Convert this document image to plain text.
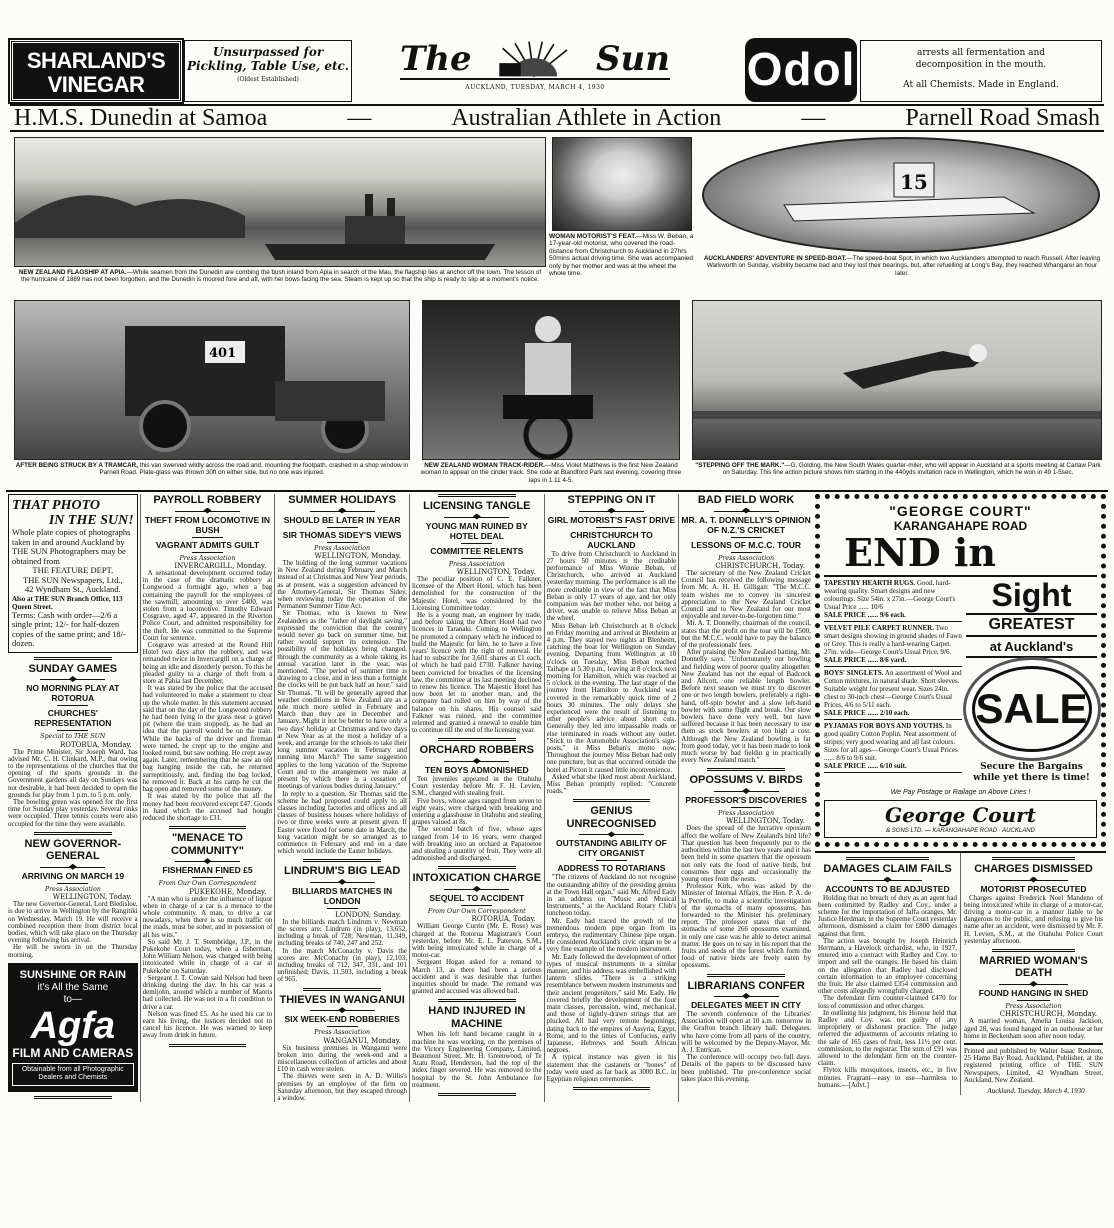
SHARLAND'S VINEGAR
Unsurpassed for Pickling, Table Use, etc.
(Oldest Established)
The	Sun
AUCKLAND, TUESDAY, MARCH 4, 1930	Odol	arrests all fermentation and decomposition in the mouth.
At all Chemists. Made in England.
H.M.S. Dunedin at Samoa	—	Australian Athlete in Action	—	Parnell Road Smash
NEW ZEALAND FLAGSHIP AT APIA.—While seamen from the Dunedin are combing the bush inland from Apia in search of the Mau, the flagship lies at anchor off the town. The lesson of the hurricane of 1889 has not been forgotten, and the Dunedin is moored fore and aft, with her bows facing the sea. Steam is kept up so that the ship is ready to slip at a moment's notice.
WOMAN MOTORIST'S FEAT.—Miss W. Beban, a 17-year-old motorist, who covered the road-distance from Christchurch to Auckland in 27hrs 50mins actual driving time. She was accompanied only by her mother and was at the wheel the whole time.
15
AUCKLANDERS' ADVENTURE IN SPEED-BOAT.—The speed-boat Spot, in which two Aucklanders attempted to reach Russell. After leaving Warkworth on Sunday, visibility became bad and they lost their bearings, but, after refuelling at Long's Bay, they reached Whangarei an hour later.
401
AFTER BEING STRUCK BY A TRAMCAR, this van swerved wildly across the road and, mounting the footpath, crashed in a shop window in Parnell Road. Plate-glass was thrown 30ft on either side, but no one was injured.
NEW ZEALAND WOMAN TRACK-RIDER.—Miss Violet Matthews is the first New Zealand woman to appear on the cinder track. She rode at Blandford Park last evening, covering three laps in 1.11 4-5.
"STEPPING OFF THE MARK."—G. Golding, the New South Wales quarter-miler, who will appear in Auckland at a sports meeting at Carlaw Park on Saturday. This fine action picture shows him starting in the 440yds invitation race in Wellington, which he won in 49 1-5sec.
THAT PHOTO
IN THE SUN!
Whole plate copies of photographs taken in and around Auckland by THE SUN Photographers may be obtained from
THE FEATURE DEPT.
THE SUN Newspapers, Ltd.,
42 Wyndham St., Auckland.
Also at THE SUN Branch Office, 113 Queen Street.
Terms: Cash with order—2/6 a single print; 12/- for half-dozen copies of the same print; and 18/- dozen.
SUNDAY GAMES
NO MORNING PLAY AT ROTORUA
CHURCHES' REPRESENTATION
Special to THE SUN
ROTORUA, Monday.
The Prime Minister, Sir Joseph Ward, has advised Mr. C. H. Clinkard, M.P., that owing to the representations of the churches that the opening of the sports grounds in the Government gardens all day on Sundays was not desirable, it had been decided to open the grounds for play from 1 p.m. to 5 p.m. only.
The bowling green was opened for the first time for Sunday play yesterday. Several rinks were occupied. Three tennis courts were also occupied for the time they were available.
NEW GOVERNOR-GENERAL
ARRIVING ON MARCH 19
Press Association
WELLINGTON, Today.
The new Governor-General, Lord Bledisloe, is due to arrive in Wellington by the Rangitiki on Wednesday, March 19. He will receive a combined reception there from district local bodies, which will take place on the Thursday evening following his arrival.
He will be sworn in on the Thursday morning.
SUNSHINE OR RAIN
it's All the Same
to—
Agfa
FILM AND CAMERAS
Obtainable from all Photographic Dealers and Chemists
PAYROLL ROBBERY
THEFT FROM LOCOMOTIVE IN BUSH
VAGRANT ADMITS GUILT
Press Association
INVERCARGILL, Monday.
A sensational development occurred today in the case of the dramatic robbery at Longwood a fortnight ago, when a bag containing the payroll for the employees of the sawmill, amounting to over £400, was stolen from a locomotive. Timothy Edward Cosgrave, aged 47, appeared in the Riverton Police Court, and admitted responsibility for the theft. He was committed to the Supreme Court for sentence.
Cosgrave was arrested at the Round Hill Hotel two days after the robbery, and was remanded twice in Invercargill on a charge of being an idle and disorderly person. To this he pleaded guilty to a charge of theft from a store at Pahia last December.
It was stated by the police that the accused had volunteered to make a statement to clear up the whole matter. In this statement accused said that on the day of the Longwood robbery he had been lying in the grass near a gravel pit (where the train stopped), as he had an idea that the payroll would be on the train. While the backs of the driver and fireman were turned, he crept up to the engine and looked round, but saw nothing. He crept away again. Later, remembering that he saw an old bag hanging inside the cab, he returned surreptitiously, and, finding the bag locked, he removed it. Back at his camp he cut the bag open and removed some of the money.
It was stated by the police that all the money had been recovered except £47. Goods in hand which the accused had bought reduced the shortage to £31.
"MENACE TO COMMUNITY"
FISHERMAN FINED £5
From Our Own Correspondent
PUKEKOHE, Monday.
"A man who is under the influence of liquor when in charge of a car is a menace to the whole community. A man, to drive a car nowadays, when there is so much traffic on the roads, must be sober, and in possession of all his wits."
So said Mr. J. T. Stembridge, J.P., in the Pukekohe Court today, when a fisherman, John William Nelson, was charged with being intoxicated while in charge of a car at Pukekohe on Saturday.
Sergeant J. T. Cowan said Nelson had been drinking during the day. In his car was a demijohn, around which a number of Maoris had collected. He was not in a fit condition to drive a car.
Nelson was fined £5. As he used his car to earn his living, the justices decided not to cancel his licence. He was warned to keep away from drink in future.
SUMMER HOLIDAYS
SHOULD BE LATER IN YEAR
SIR THOMAS SIDEY'S VIEWS
Press Association
WELLINGTON, Monday.
The holding of the long summer vacations in New Zealand during February and March instead of at Christmas and New Year periods, as at present, was a suggestion advanced by the Attorney-General, Sir Thomas Sidey, when reviewing today the operation of the Permanent Summer Time Act.
Sir Thomas, who is known to New Zealanders as the "father of daylight saving," expressed the conviction that the country would never go back on summer time, but rather would support its extension. The possibility of the holidays being changed, through the community as a whole taking its annual vacation later in the year, was mentioned. "The period of summer time is drawing to a close, and in less than a fortnight the clocks will be put back half an hour," said Sir Thomas. "It will be generally agreed that weather conditions in New Zealand are as a rule much more settled in February and March than they are in December and January. Might it not be better to have only a two days' holiday at Christmas and two days at New Year as at the most a holiday of a week, and arrange for the schools to take their long summer vacation in February and running into March? The same suggestion applies to the long vacation of the Supreme Court and to the arrangement we make at present by which there is a cessation of meetings of various bodies during January."
In reply to a question, Sir Thomas said the scheme he had proposed could apply to all classes including factories and offices and all classes of business houses where holidays of two or three weeks were at present given. If Easter were fixed for some date in March, the long vacation might be so arranged as to commence in February and end on a date which would include the Easter holidays.
LINDRUM'S BIG LEAD
BILLIARDS MATCHES IN LONDON
LONDON, Sunday.
In the billiards match Lindrum v. Newman the scores are: Lindrum (in play), 13,652, including a break of 728; Newman, 11,349, including breaks of 740, 247 and 252.
In the match McConachy v. Davis the scores are: McConachy (in play), 12,103, including breaks of 712, 347, 331, and 101 unfinished; Davis, 11,503, including a break of 965.
THIEVES IN WANGANUI
SIX WEEK-END ROBBERIES
Press Association
WANGANUI, Monday.
Six business premises in Wanganui were broken into during the week-end and a miscellaneous collection of articles and about £10 in cash were stolen.
The thieves were seen in A. D. Willis's premises by an employee of the firm on Saturday afternoon, but they escaped through a window.
LICENSING TANGLE
YOUNG MAN RUINED BY HOTEL DEAL
COMMITTEE RELENTS
Press Association
WELLINGTON, Today.
The peculiar position of C. E. Falkner, licensee of the Albert Hotel, which has been demolished for the construction of the Majestic Hotel, was considered by the Licensing Committee today.
He is a young man, an engineer by trade, and before taking the Albert Hotel had two licences in Taranaki. Coming to Wellington he promoted a company which he induced to build the Majestic for him, he to have a five years' licence with the right of renewal. He had to subscribe for 3,601 shares at £1 each, of which he had paid £730. Falkner having been convicted for breaches of the licensing law, the committee at its last meeting declined to renew his licence. The Majestic Hotel has now been let to another man, and the company had rolled on him by way of the balance on his shares. His counsel said Falkner was ruined, and the committee relented and granted a renewal to enable him to continue till the end of the licensing year.
ORCHARD ROBBERS
TEN BOYS ADMONISHED
Ten juveniles appeared in the Otahuhu Court yesterday before Mr. F. H. Levien, S.M., charged with stealing fruit.
Five boys, whose ages ranged from seven to eight years, were charged with breaking and entering a glasshouse in Otahuhu and stealing grapes valued at 8s.
The second batch of five, whose ages ranged from 14 to 16 years, were charged with breaking into an orchard at Papatoetoe and stealing a quantity of fruit. They were all admonished and discharged.
INTOXICATION CHARGE
SEQUEL TO ACCIDENT
From Our Own Correspondent
ROTORUA, Today.
William George Currin (Mr. E. Rose) was charged at the Rotorua Magistrate's Court yesterday, before Mr. E. L. Paterson, S.M., with being intoxicated while in charge of a motor-car.
Sergeant Hogan asked for a remand to March 13, as there had been a serious accident and it was desirable that further inquiries should be made. The remand was granted and accused was allowed bail.
HAND INJURED IN MACHINE
When his left hand became caught in a machine he was working, on the premises of the Victory Engineering Company, Limited, Beaumont Street, Mr. H. Greenwood, of Te Atatu Road, Henderson, had the top of the index finger severed. He was removed to the hospital by the St. John Ambulance for treatment.
STEPPING ON IT
GIRL MOTORIST'S FAST DRIVE
CHRISTCHURCH TO AUCKLAND
To drive from Christchurch to Auckland in 27 hours 50 minutes is the creditable performance of Miss Winnie Beban, of Christchurch, who arrived at Auckland yesterday morning. The performance is all the more creditable in view of the fact that Miss Beban is only 17 years of age, and her only companion was her mother who, not being a driver, was unable to relieve Miss Beban at the wheel.
Miss Beban left Christchurch at 8 o'clock on Friday morning and arrived at Blenheim at 4 p.m. They stayed two nights at Blenheim, catching the boat for Wellington on Sunday evening. Departing from Wellington at 10 o'clock on Tuesday, Miss Beban reached Taihape at 5.30 p.m., leaving at 8 o'clock next morning for Hamilton, which was reached at 5 o'clock in the evening. The last stage of the journey from Hamilton to Auckland was covered in the remarkably quick time of 2 hours 30 minutes. The only delays she experienced were the result of listening to other people's advice about short cuts. Generally they led into impassable roads or else terminated in roads without any outlet. "Stick to the Automobile Association's sign-posts," is Miss Beban's motto now. Throughout the journey Miss Beban had only one puncture, but as that occurred outside the hotel at Picton it caused little inconvenience.
Asked what she liked most about Auckland, Miss Beban promptly replied: "Concrete roads."
GENIUS UNRECOGNISED
OUTSTANDING ABILITY OF CITY ORGANIST
ADDRESS TO ROTARIANS
"The citizens of Auckland do not recognise the outstanding ability of the presiding genius at the Town Hall organ," said Mr. Alfred Eady in an address on "Music and Musical Instruments," at the Auckland Rotary Club's luncheon today.
Mr. Eady had traced the growth of the tremendous modern pipe organ from its embryo, the rudimentary Chinese pipe organ. He considered Auckland's civic organ to be a very fine example of the modern instrument.
Mr. Eady followed the development of other types of musical instruments in a similar manner, and his address was embellished with lantern slides. "There is a striking resemblance between modern instruments and their ancient progenitors," said Mr. Eady. He covered briefly the development of the four main classes, percussion, wind, mechanical, and those of tightly-drawn strings that are plucked. All had very remote beginnings, dating back to the empires of Assyria, Egypt, Rome, and to the times of Confucius, early Japanese, Hebrews and South African negroes.
A typical instance was given in his statement that the castanets or "bones" of today were used as far back as 3000 B.C. in Egyptian religious ceremonies.
BAD FIELD WORK
MR. A. T. DONNELLY'S OPINION OF N.Z.'S CRICKET
LESSONS OF M.C.C. TOUR
Press Association
CHRISTCHURCH, Today.
The secretary of the New Zealand Cricket Council has received the following message from Mr. A. H. H. Gilligan: "The M.C.C. team wishes me to convey its sincerest appreciation to the New Zealand Cricket Council and to New Zealand for our most enjoyable and never-to-be-forgotten time."
Mr. A. T. Donnelly, chairman of the council, states that the profit on the tour will be £500, but the M.C.C. would have to pay the balance of the professionals' fees.
After praising the New Zealand batting, Mr. Donnelly says: "Unfortunately our bowling and fielding were of poorer quality altogether. New Zealand has not the equal of Badcock and Allcott, one reliable length bowler. Before next season we must try to discover one or two length bowlers, preferably a right-hand, off-spin bowler and a slow left-hand bowler with some flight and break. Our slow bowlers have done very well, but have suffered because it has been necessary to use them as stock bowlers at too high a cost. Although the New Zealand bowling is far from good today, yet it has been made to look much worse by bad fieldin g in practically every New Zealand match."
OPOSSUMS V. BIRDS
PROFESSOR'S DISCOVERIES
Press Association
WELLINGTON, Today.
Does the spread of the lucrative opossum affect the welfare of New Zealand's bird life? That question has been frequently put to the authorities within the last two years and it has been held in some quarters that the opossum not only eats the food of native birds, but consumes their eggs and occasionally the young ones from the nests.
Professor Kirk, who was asked by the Minister of Internal Affairs, the Hon. P. A. de la Perrelle, to make a scientific investigation of the stomachs of many opossums, has forwarded to the Minister his preliminary report. The professor states that of the stomachs of some 266 opossums examined, in only one case was he able to detect animal matter. He goes on to say in his report that the fruits and seeds of the forest which form the food of native birds are freely eaten by opossums.
LIBRARIANS CONFER
DELEGATES MEET IN CITY
The seventh conference of the Libraries' Association will open at 10 a.m. tomorrow in the Grafton branch library hall. Delegates, who have come from all parts of the country, will be welcomed by the Deputy-Mayor, Mr. A. J. Entrican.
The conference will occupy two full days. Details of the papers to be discussed have been published. The pre-conference social takes place this evening.
"GEORGE COURT"
KARANGAHAPE ROAD
END in
TAPESTRY HEARTH RUGS. Good, hard-wearing quality. Smart designs and new colourings. Size 54in. x 27in.—George Court's Usual Price ...... 10/6
SALE PRICE ...... 9/6 each.
VELVET PILE CARPET RUNNER. Two smart designs showing in ground shades of Fawn or Grey. This is really a hard-wearing Carpet. 27in. wide—George Court's Usual Price, 9/6.
SALE PRICE ...... 8/6 yard.
BOYS' SINGLETS. An assortment of Wool and Cotton mixtures, in natural shade. Short sleeves. Suitable weight for present wear. Sizes 24in. chest to 30-inch chest—George Court's Usual Prices, 4/6 to 5/11 each.
SALE PRICE ...... 2/10 each.
PYJAMAS FOR BOYS AND YOUTHS. In good quality Cotton Poplin. Neat assortment of stripes; very good wearing and all fast colours. Sizes for all ages—George Court's Usual Prices ...... 8/6 to 9/6 suit.
SALE PRICE ...... 6/10 suit.
Sight
GREATEST
at Auckland's
SALE
Secure the Bargains while yet there is time!
We Pay Postage or Railage on Above Lines !
George Court
& SONS LTD. — KARANGAHAPE ROAD · AUCKLAND
DAMAGES CLAIM FAILS
ACCOUNTS TO BE ADJUSTED
Holding that no breach of duty as an agent had been committed by Radley and Coy., under a scheme for the importation of Jaffa oranges, Mr. Justice Herdman, in the Supreme Court yesterday afternoon, dismissed a claim for £800 damages against that firm.
The action was brought by Joseph Heinrich Hermann, a Havelock orchardist, who, in 1927, entered into a contract with Radley and Coy. to import and sell the oranges. He based his claim on the allegation that Radley had disclosed certain information to an employee concerning the fruit. He also claimed £354 commission and other costs allegedly wrongfully charged.
The defendant firm counter-claimed £470 for loss of commission and other charges.
In outlining his judgment, his Honour held that Radley and Coy. was not guilty of any impropriety or dishonest practice. The judge referred the adjustments of accounts relating to the sale of 165 cases of fruit, less 11½ per cent. commission, to the registrar. The sum of £91 was allowed to the defendant firm on the counter-claim.
Flytox kills mosquitoes, insects, etc., in five minutes. Fragrant—easy to use—harmless to humans.—[Advt.]
CHARGES DISMISSED
MOTORIST PROSECUTED
Charges against Frederick Noel Mandeno of being intoxicated while in charge of a motor-car, driving a motor-car in a manner liable to be dangerous to the public, and refusing to give his name after an accident, were dismissed by Mr. F. H. Levien, S.M., at the Otahuhu Police Court yesterday afternoon.
MARRIED WOMAN'S DEATH
FOUND HANGING IN SHED
Press Association
CHRISTCHURCH, Monday.
A married woman, Amelia Louisa Jackson, aged 28, was found hanged in an outhouse at her home in Beckenham soon after noon today.
Printed and published by Walter Isaac Rushton, 25 Hame Bay Road, Auckland, Publisher, at the registered printing office of THE SUN Newspapers, Limited, 42 Wyndham Street, Auckland, New Zealand.
Auckland, Tuesday, March 4, 1930
